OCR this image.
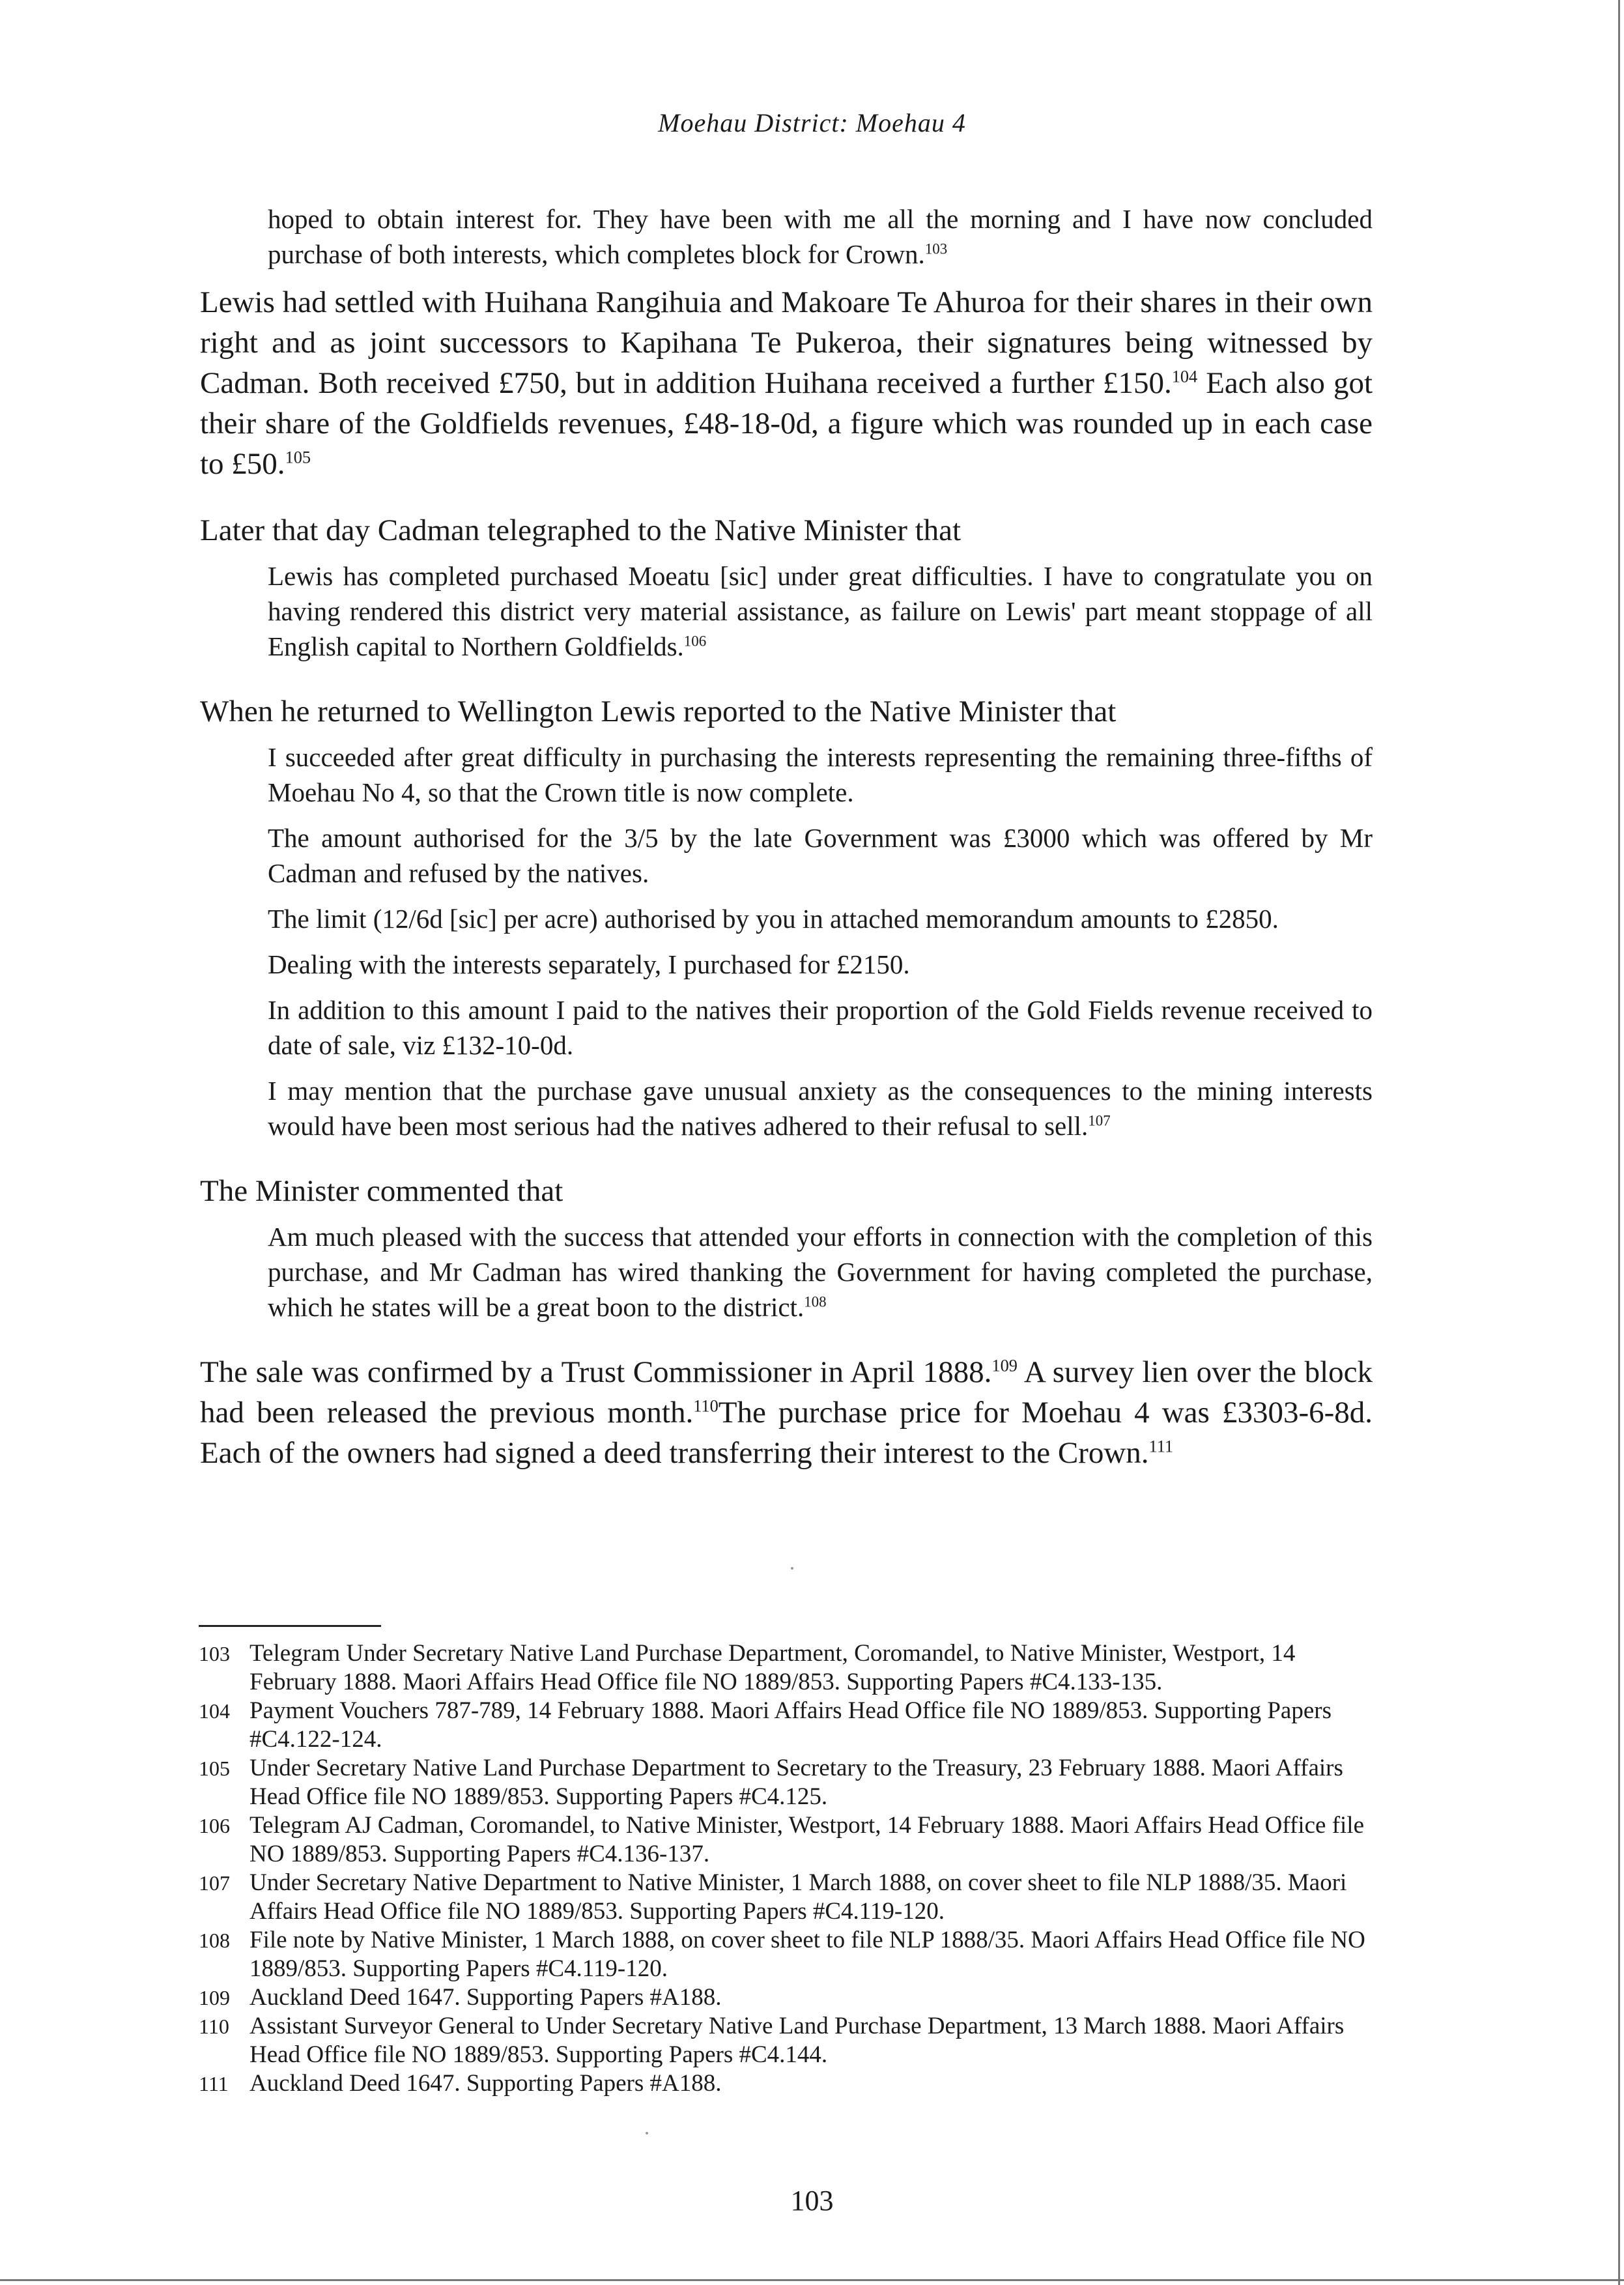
Moehau District: Moehau 4

hoped to obtain interest for. They have been with me all the morning and I have now concluded purchase of both interests, which completes block for Crown.$^{103}$

Lewis had settled with Huihana Rangihuia and Makoare Te Ahuroa for their shares in their own right and as joint successors to Kapihana Te Pukeroa, their signatures being witnessed by Cadman. Both received £750, but in addition Huihana received a further £150.$^{104}$ Each also got their share of the Goldfields revenues, £48-18-0d, a figure which was rounded up in each case to £50.$^{105}$

Later that day Cadman telegraphed to the Native Minister that

Lewis has completed purchased Moeatu [sic] under great difficulties. I have to congratulate you on having rendered this district very material assistance, as failure on Lewis' part meant stoppage of all English capital to Northern Goldfields.$^{106}$

When he returned to Wellington Lewis reported to the Native Minister that

I succeeded after great difficulty in purchasing the interests representing the remaining three-fifths of Moehau No 4, so that the Crown title is now complete.

The amount authorised for the 3/5 by the late Government was £3000 which was offered by Mr Cadman and refused by the natives.

The limit (12/6d [sic] per acre) authorised by you in attached memorandum amounts to £2850.

Dealing with the interests separately, I purchased for £2150.

In addition to this amount I paid to the natives their proportion of the Gold Fields revenue received to date of sale, viz £132-10-0d.

I may mention that the purchase gave unusual anxiety as the consequences to the mining interests would have been most serious had the natives adhered to their refusal to sell.$^{107}$

The Minister commented that

Am much pleased with the success that attended your efforts in connection with the completion of this purchase, and Mr Cadman has wired thanking the Government for having completed the purchase, which he states will be a great boon to the district.$^{108}$

The sale was confirmed by a Trust Commissioner in April 1888.$^{109}$ A survey lien over the block had been released the previous month.$^{110}$The purchase price for Moehau 4 was £3303-6-8d. Each of the owners had signed a deed transferring their interest to the Crown.$^{111}$

103 Telegram Under Secretary Native Land Purchase Department, Coromandel, to Native Minister, Westport, 14 February 1888. Maori Affairs Head Office file NO 1889/853. Supporting Papers #C4.133-135.
104 Payment Vouchers 787-789, 14 February 1888. Maori Affairs Head Office file NO 1889/853. Supporting Papers #C4.122-124.
105 Under Secretary Native Land Purchase Department to Secretary to the Treasury, 23 February 1888. Maori Affairs Head Office file NO 1889/853. Supporting Papers #C4.125.
106 Telegram AJ Cadman, Coromandel, to Native Minister, Westport, 14 February 1888. Maori Affairs Head Office file NO 1889/853. Supporting Papers #C4.136-137.
107 Under Secretary Native Department to Native Minister, 1 March 1888, on cover sheet to file NLP 1888/35. Maori Affairs Head Office file NO 1889/853. Supporting Papers #C4.119-120.
108 File note by Native Minister, 1 March 1888, on cover sheet to file NLP 1888/35. Maori Affairs Head Office file NO 1889/853. Supporting Papers #C4.119-120.
109 Auckland Deed 1647. Supporting Papers #A188.
110 Assistant Surveyor General to Under Secretary Native Land Purchase Department, 13 March 1888. Maori Affairs Head Office file NO 1889/853. Supporting Papers #C4.144.
111 Auckland Deed 1647. Supporting Papers #A188.
103
